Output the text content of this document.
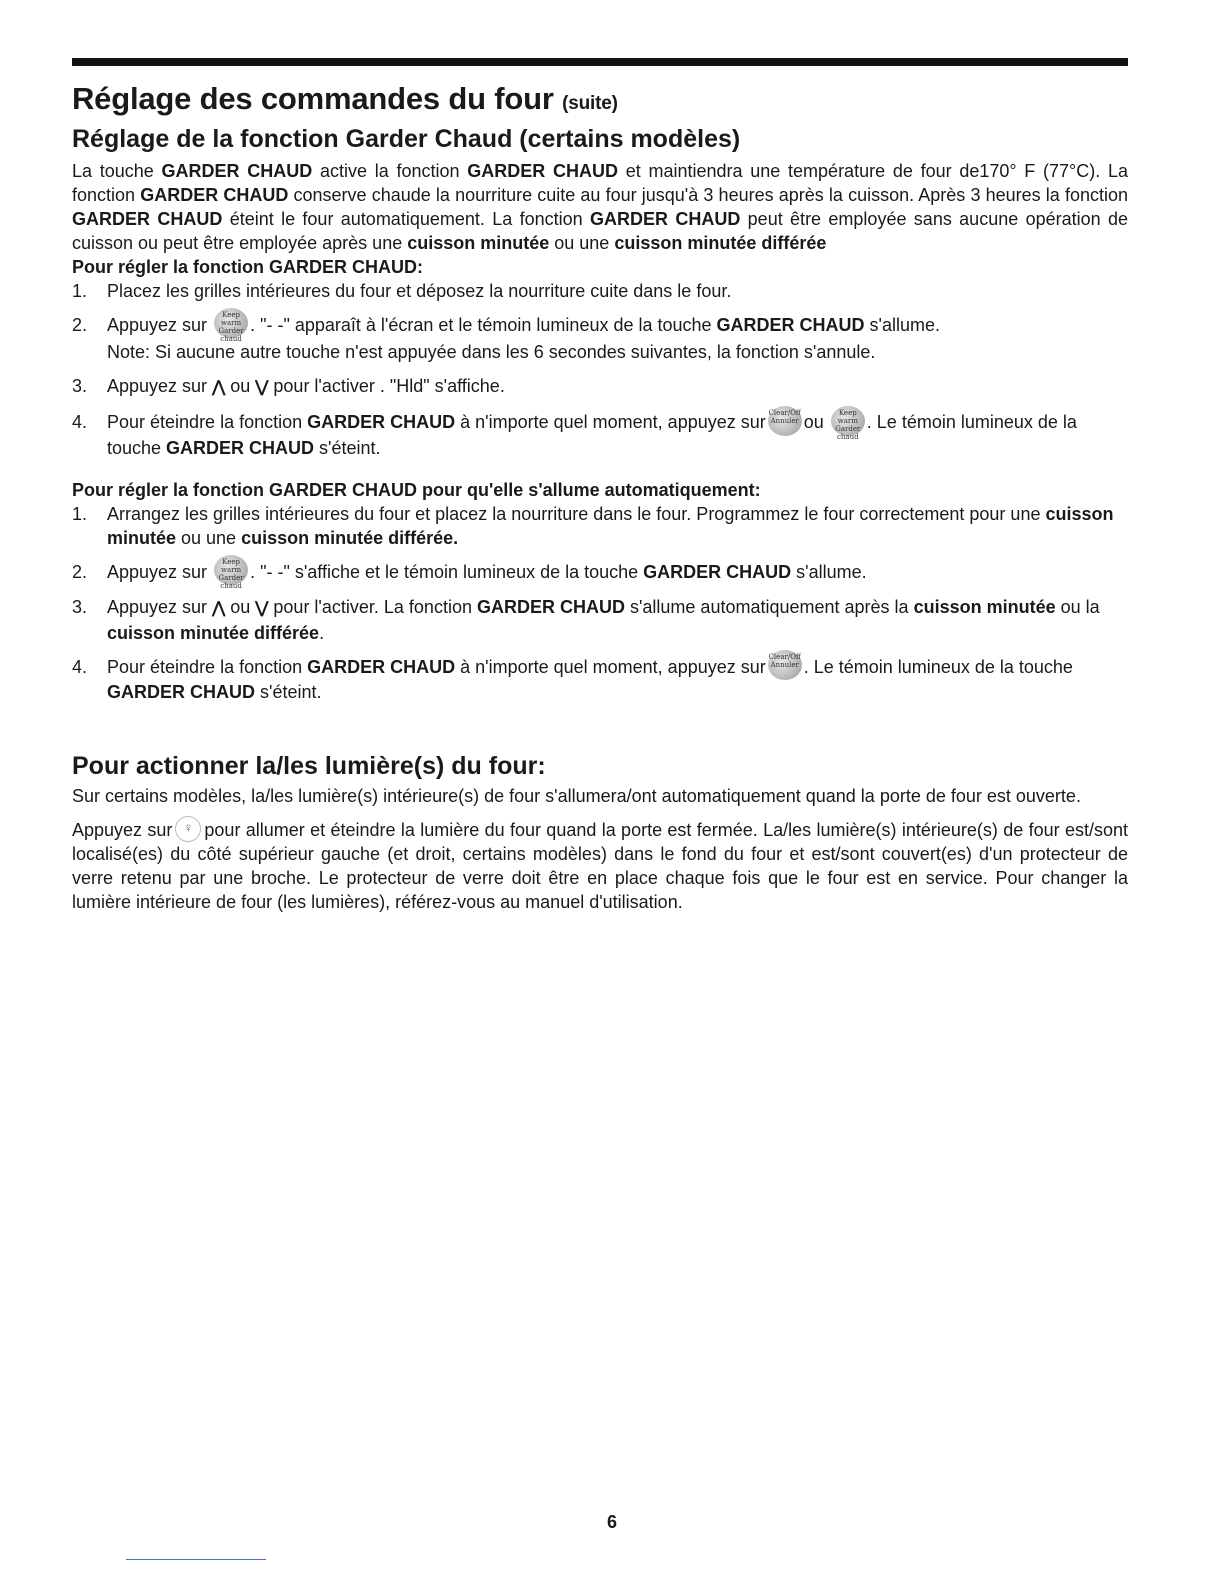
Réglage des commandes du four (suite)
Réglage de la fonction Garder Chaud (certains modèles)

La touche GARDER CHAUD active la fonction GARDER CHAUD et maintiendra une température de four de170° F (77°C). La fonction GARDER CHAUD conserve chaude la nourriture cuite au four jusqu'à 3 heures après la cuisson. Après 3 heures la fonction GARDER CHAUD éteint le four automatiquement. La fonction GARDER CHAUD peut être employée sans aucune opération de cuisson ou peut être employée après une cuisson minutée ou une cuisson minutée différée

Pour régler la fonction GARDER CHAUD:

1. Placez les grilles intérieures du four et déposez la nourriture cuite dans le four.
2. Appuyez sur Keep warm
Garder
chaud. "- -" apparaît à l'écran et le témoin lumineux de la touche GARDER CHAUD s'allume.

Note: Si aucune autre touche n'est appuyée dans les 6 secondes suivantes, la fonction s'annule.

3. Appuyez sur ⋀ ou ⋁ pour l'activer . "Hld" s'affiche.
4. Pour éteindre la fonction GARDER CHAUD à n'importe quel moment, appuyez sur Clear/Off
Annuler ou Keep warm
Garder
chaud. Le témoin lumineux de la touche GARDER CHAUD s'éteint.

Pour régler la fonction GARDER CHAUD pour qu'elle s'allume automatiquement:

1. Arrangez les grilles intérieures du four et placez la nourriture dans le four. Programmez le four correctement pour une cuisson minutée ou une cuisson minutée différée.
2. Appuyez sur Keep warm
Garder
chaud. "- -" s'affiche et le témoin lumineux de la touche GARDER CHAUD s'allume.
3. Appuyez sur ⋀ ou ⋁ pour l'activer. La fonction GARDER CHAUD s'allume automatiquement après la cuisson minutée ou la cuisson minutée différée.
4. Pour éteindre la fonction GARDER CHAUD à n'importe quel moment, appuyez sur Clear/Off
Annuler . Le témoin lumineux de la touche
GARDER CHAUD s'éteint.
Pour actionner la/les lumière(s) du four:

Sur certains modèles, la/les lumière(s) intérieure(s) de four s'allumera/ont automatiquement quand la porte de four est ouverte.

Appuyez sur ♀ pour allumer et éteindre la lumière du four quand la porte est fermée. La/les lumière(s) intérieure(s) de four est/sont localisé(es) du côté supérieur gauche (et droit, certains modèles) dans le fond du four et est/sont couvert(es) d'un protecteur de verre retenu par une broche. Le protecteur de verre doit être en place chaque fois que le four est en service. Pour changer la lumière intérieure de four (les lumières), référez-vous au manuel d'utilisation.

6
